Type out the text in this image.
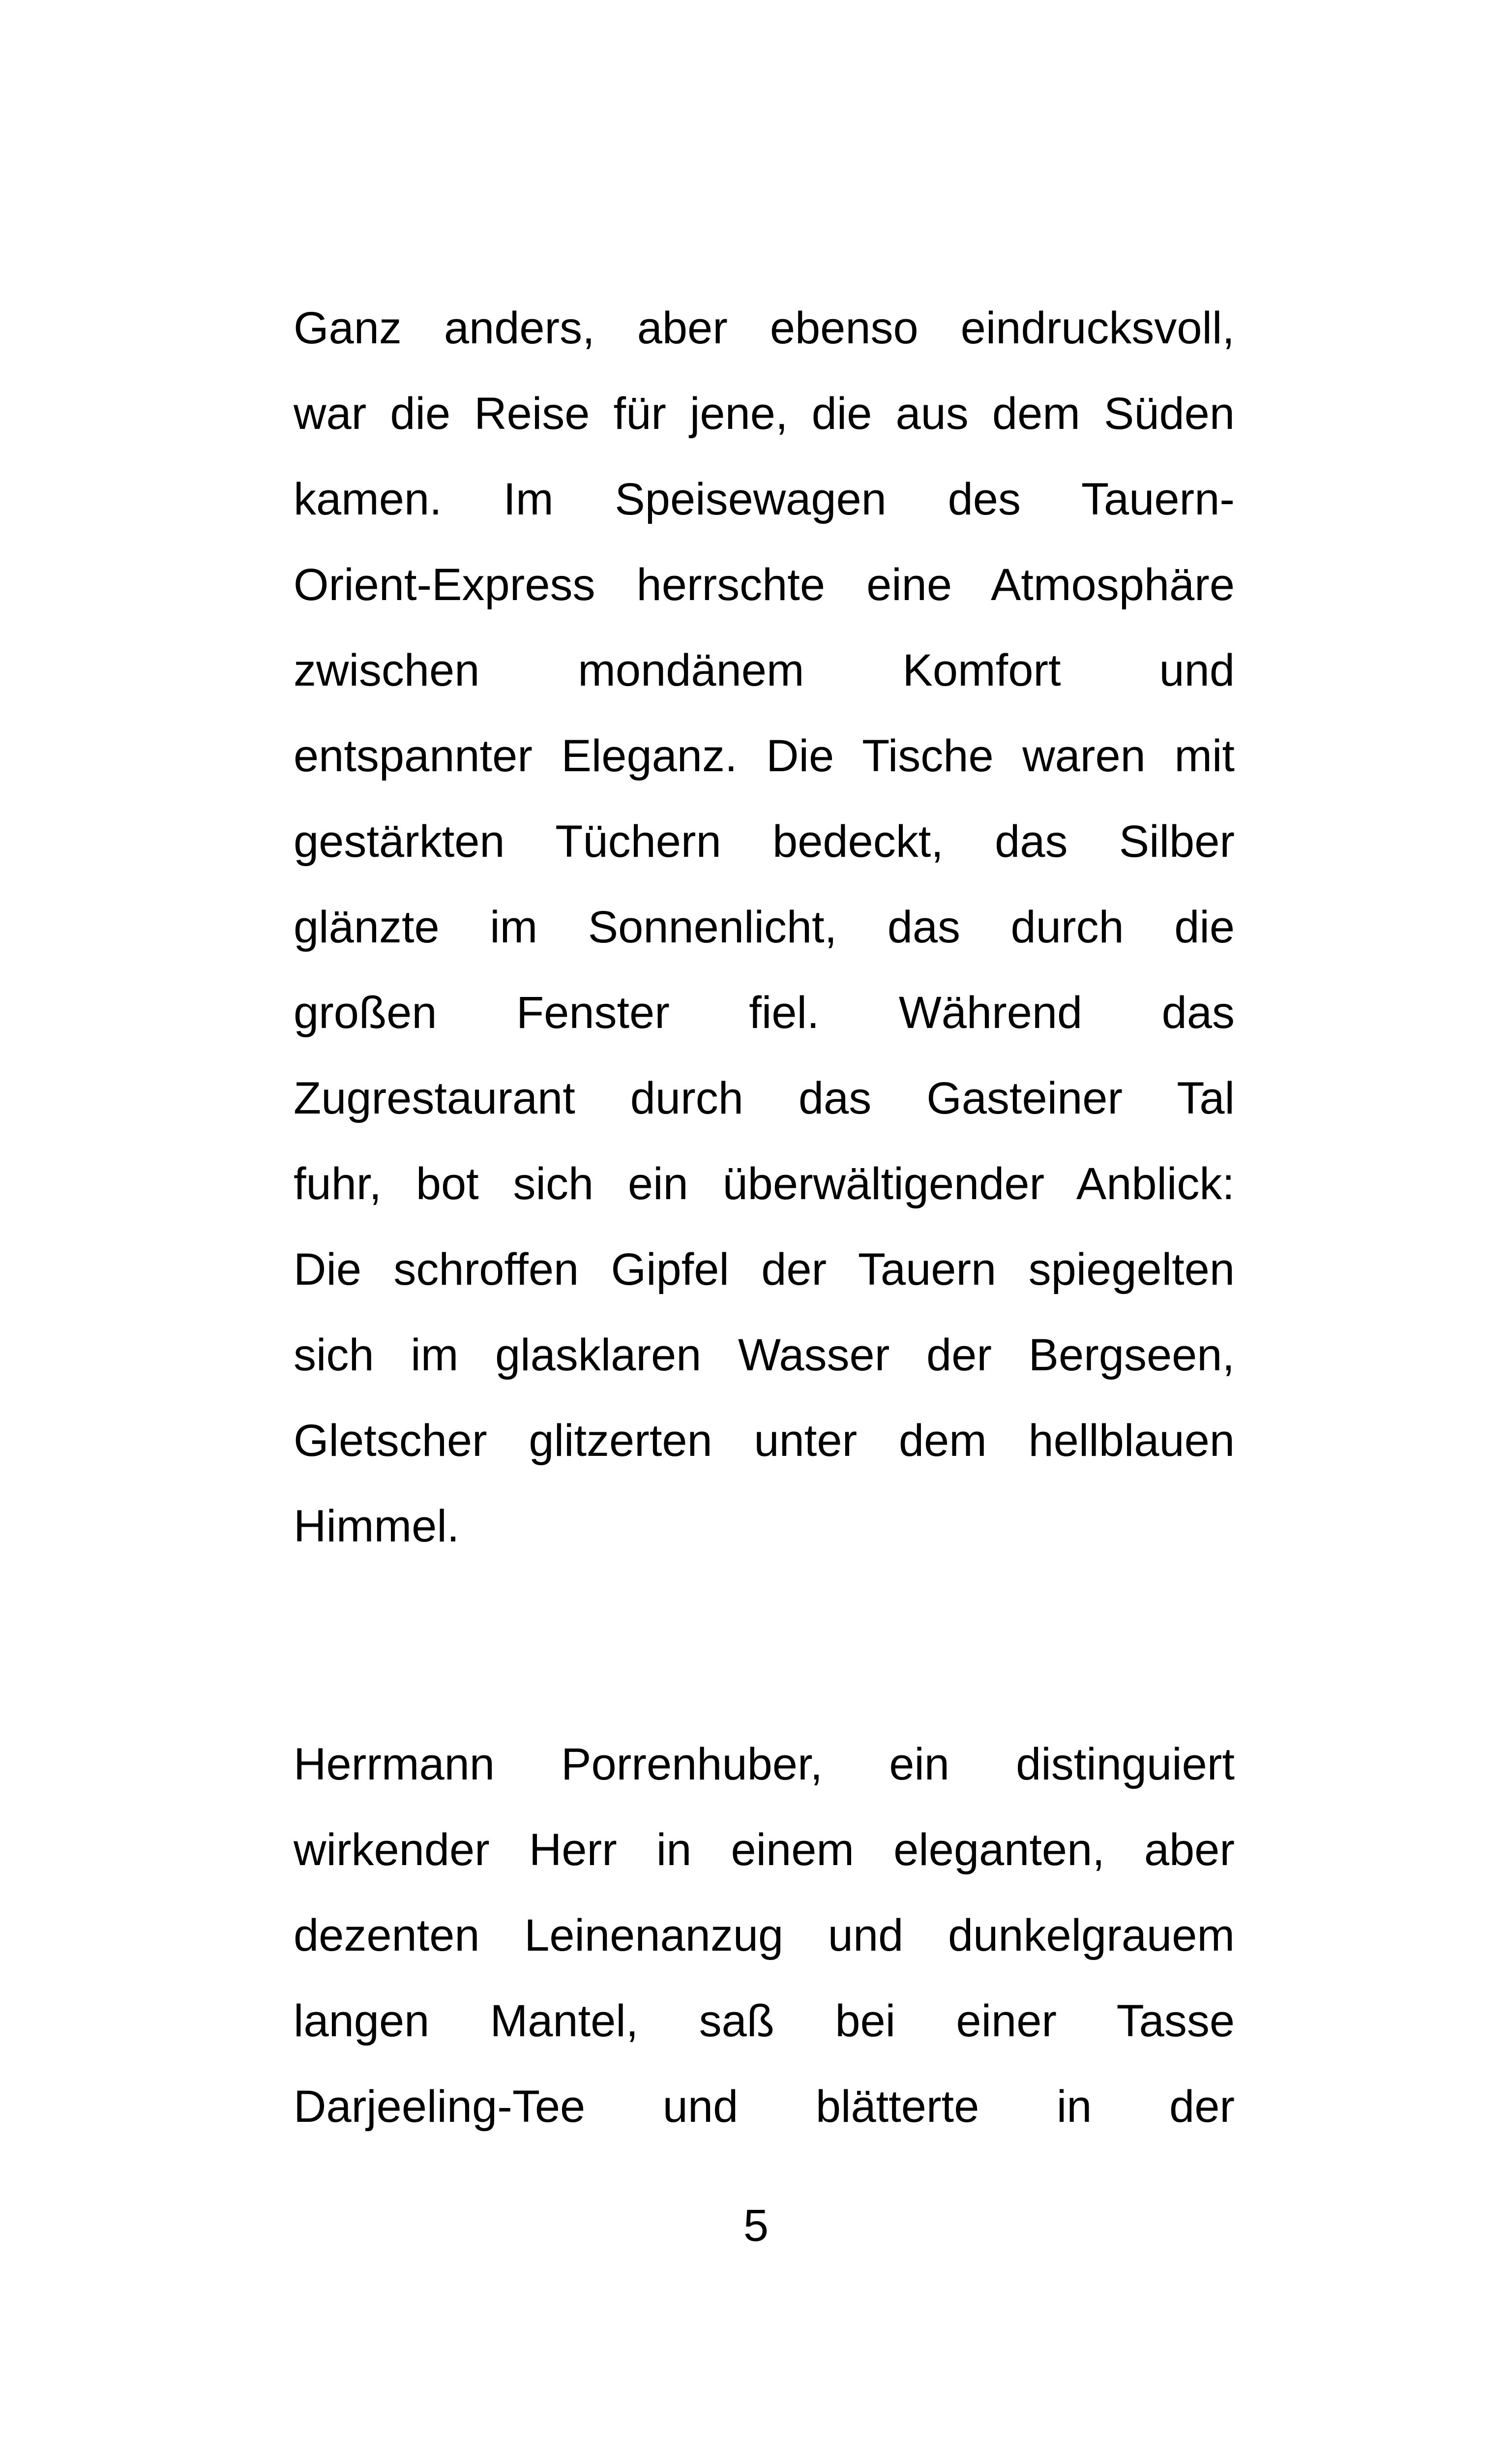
Ganz anders, aber ebenso eindrucksvoll,
war die Reise für jene, die aus dem Süden
kamen. Im Speisewagen des Tauern-
Orient-Express herrschte eine Atmosphäre
zwischen mondänem Komfort und
entspannter Eleganz. Die Tische waren mit
gestärkten Tüchern bedeckt, das Silber
glänzte im Sonnenlicht, das durch die
großen Fenster fiel. Während das
Zugrestaurant durch das Gasteiner Tal
fuhr, bot sich ein überwältigender Anblick:
Die schroffen Gipfel der Tauern spiegelten
sich im glasklaren Wasser der Bergseen,
Gletscher glitzerten unter dem hellblauen
Himmel.
Herrmann Porrenhuber, ein distinguiert
wirkender Herr in einem eleganten, aber
dezenten Leinenanzug und dunkelgrauem
langen Mantel, saß bei einer Tasse
Darjeeling-Tee und blätterte in der
5
